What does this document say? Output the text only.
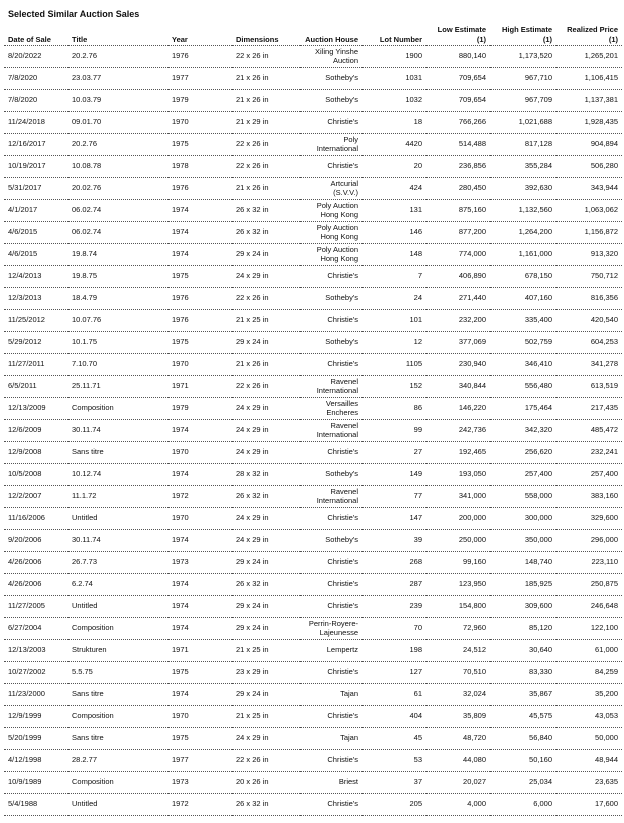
Selected Similar Auction Sales
Date of Sale	Title	Year	Dimensions	Auction House	Lot Number	Low Estimate (1)	High Estimate (1)	Realized Price (1)
8/20/2022	20.2.76	1976	22 x 26 in	Xiling Yinshe Auction	1900	880,140	1,173,520	1,265,201
7/8/2020	23.03.77	1977	21 x 26 in	Sotheby's	1031	709,654	967,710	1,106,415
7/8/2020	10.03.79	1979	21 x 26 in	Sotheby's	1032	709,654	967,709	1,137,381
11/24/2018	09.01.70	1970	21 x 29 in	Christie's	18	766,266	1,021,688	1,928,435
12/16/2017	20.2.76	1975	22 x 26 in	Poly International	4420	514,488	817,128	904,894
10/19/2017	10.08.78	1978	22 x 26 in	Christie's	20	236,856	355,284	506,280
5/31/2017	20.02.76	1976	21 x 26 in	Artcurial (S.V.V.)	424	280,450	392,630	343,944
4/1/2017	06.02.74	1974	26 x 32 in	Poly Auction Hong Kong	131	875,160	1,132,560	1,063,062
4/6/2015	06.02.74	1974	26 x 32 in	Poly Auction Hong Kong	146	877,200	1,264,200	1,156,872
4/6/2015	19.8.74	1974	29 x 24 in	Poly Auction Hong Kong	148	774,000	1,161,000	913,320
12/4/2013	19.8.75	1975	24 x 29 in	Christie's	7	406,890	678,150	750,712
12/3/2013	18.4.79	1976	22 x 26 in	Sotheby's	24	271,440	407,160	816,356
11/25/2012	10.07.76	1976	21 x 25 in	Christie's	101	232,200	335,400	420,540
5/29/2012	10.1.75	1975	29 x 24 in	Sotheby's	12	377,069	502,759	604,253
11/27/2011	7.10.70	1970	21 x 26 in	Christie's	1105	230,940	346,410	341,278
6/5/2011	25.11.71	1971	22 x 26 in	Ravenel International	152	340,844	556,480	613,519
12/13/2009	Composition	1979	24 x 29 in	Versailles Encheres	86	146,220	175,464	217,435
12/6/2009	30.11.74	1974	24 x 29 in	Ravenel International	99	242,736	342,320	485,472
12/9/2008	Sans titre	1970	24 x 29 in	Christie's	27	192,465	256,620	232,241
10/5/2008	10.12.74	1974	28 x 32 in	Sotheby's	149	193,050	257,400	257,400
12/2/2007	11.1.72	1972	26 x 32 in	Ravenel International	77	341,000	558,000	383,160
11/16/2006	Untitled	1970	24 x 29 in	Christie's	147	200,000	300,000	329,600
9/20/2006	30.11.74	1974	24 x 29 in	Sotheby's	39	250,000	350,000	296,000
4/26/2006	26.7.73	1973	29 x 24 in	Christie's	268	99,160	148,740	223,110
4/26/2006	6.2.74	1974	26 x 32 in	Christie's	287	123,950	185,925	250,875
11/27/2005	Untitled	1974	29 x 24 in	Christie's	239	154,800	309,600	246,648
6/27/2004	Composition	1974	29 x 24 in	Perrin-Royere-Lajeunesse	70	72,960	85,120	122,100
12/13/2003	Strukturen	1971	21 x 25 in	Lempertz	198	24,512	30,640	61,000
10/27/2002	5.5.75	1975	23 x 29 in	Christie's	127	70,510	83,330	84,259
11/23/2000	Sans titre	1974	29 x 24 in	Tajan	61	32,024	35,867	35,200
12/9/1999	Composition	1970	21 x 25 in	Christie's	404	35,809	45,575	43,053
5/20/1999	Sans titre	1975	24 x 29 in	Tajan	45	48,720	56,840	50,000
4/12/1998	28.2.77	1977	22 x 26 in	Christie's	53	44,080	50,160	48,944
10/9/1989	Composition	1973	20 x 26 in	Briest	37	20,027	25,034	23,635
5/4/1988	Untitled	1972	26 x 32 in	Christie's	205	4,000	6,000	17,600
